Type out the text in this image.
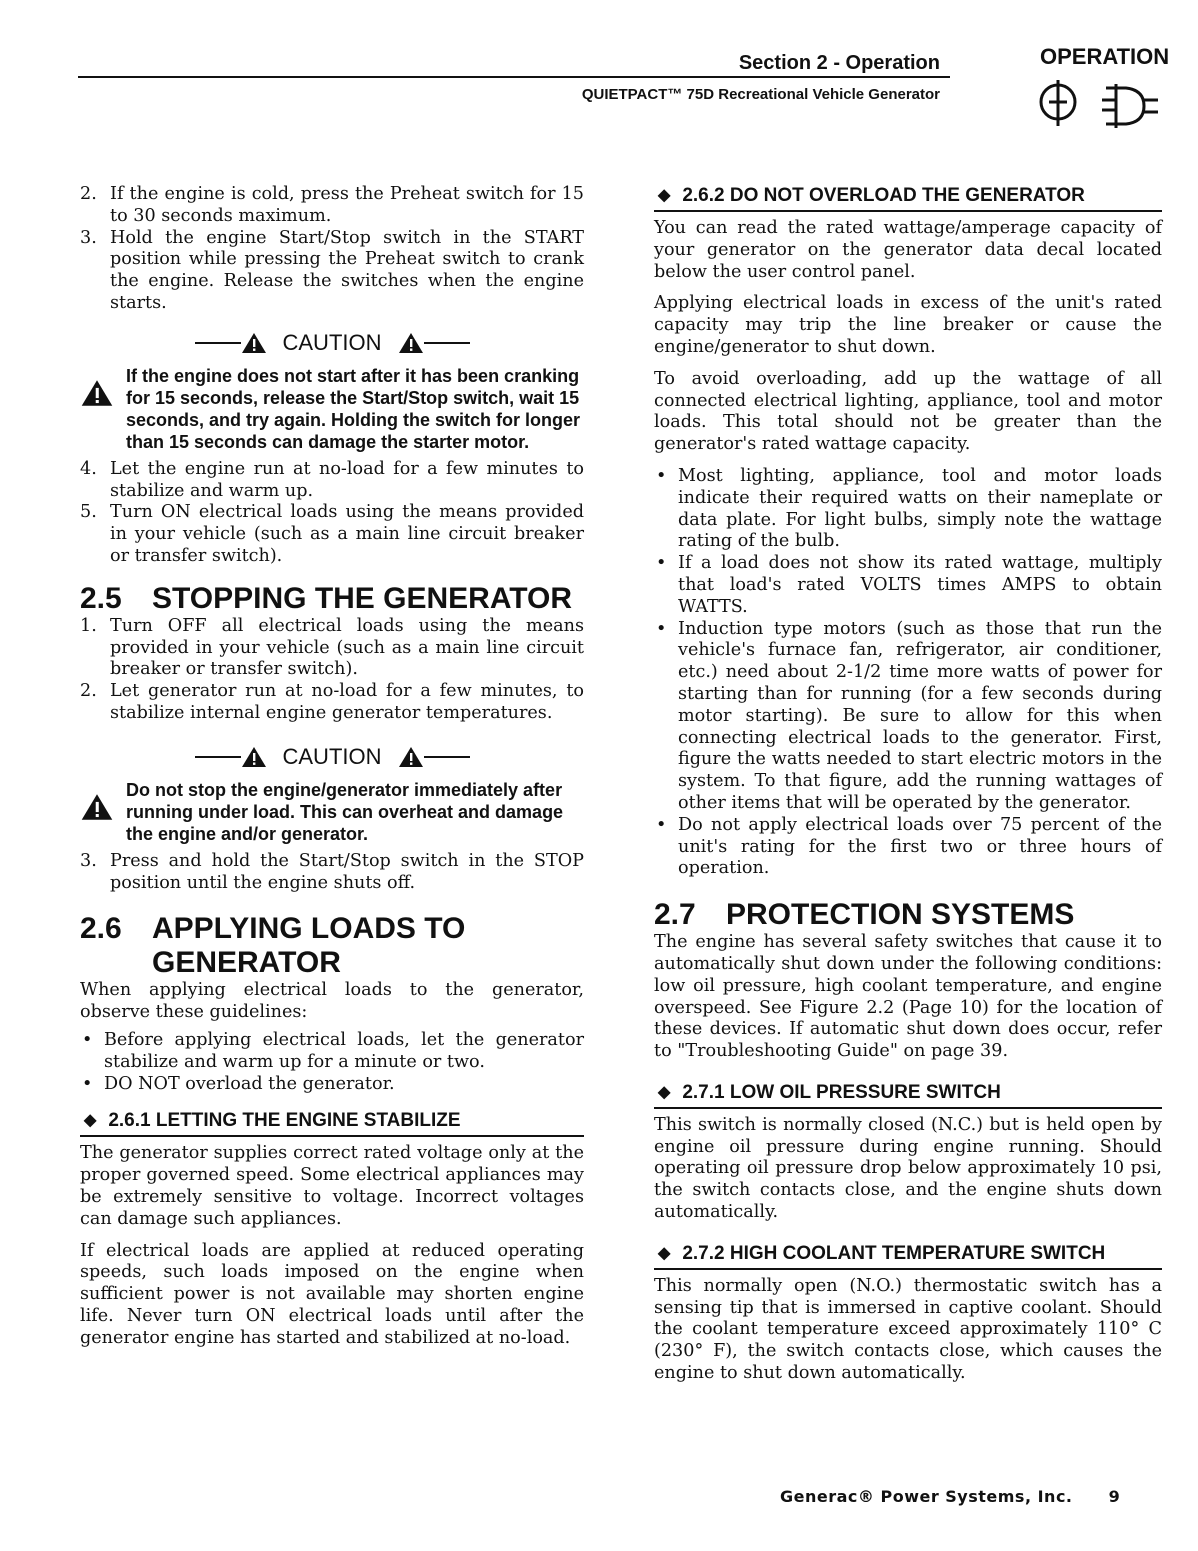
Section 2 - Operation
QUIETPACT™ 75D Recreational Vehicle Generator
OPERATION
2. If the engine is cold, press the Preheat switch for 15 to 30 seconds maximum.
3. Hold the engine Start/Stop switch in the START position while pressing the Preheat switch to crank the engine. Release the switches when the engine starts.
CAUTION
If the engine does not start after it has been cranking for 15 seconds, release the Start/Stop switch, wait 15 seconds, and try again. Holding the switch for longer than 15 seconds can damage the starter motor.
4. Let the engine run at no-load for a few minutes to stabilize and warm up.
5. Turn ON electrical loads using the means provided in your vehicle (such as a main line circuit breaker or transfer switch).
2.5	STOPPING THE GENERATOR
1. Turn OFF all electrical loads using the means provided in your vehicle (such as a main line circuit breaker or transfer switch).
2. Let generator run at no-load for a few minutes, to stabilize internal engine generator temperatures.
CAUTION
Do not stop the engine/generator immediately after running under load. This can overheat and damage the engine and/or generator.
3. Press and hold the Start/Stop switch in the STOP position until the engine shuts off.
2.6	APPLYING LOADS TO GENERATOR

When applying electrical loads to the generator, observe these guidelines:

• Before applying electrical loads, let the generator stabilize and warm up for a minute or two.
• DO NOT overload the generator.
◆ 2.6.1 LETTING THE ENGINE STABILIZE

The generator supplies correct rated voltage only at the proper governed speed. Some electrical appliances may be extremely sensitive to voltage. Incorrect voltages can damage such appliances.

If electrical loads are applied at reduced operating speeds, such loads imposed on the engine when sufficient power is not available may shorten engine life. Never turn ON electrical loads until after the generator engine has started and stabilized at no-load.

◆ 2.6.2 DO NOT OVERLOAD THE GENERATOR

You can read the rated wattage/amperage capacity of your generator on the generator data decal located below the user control panel.

Applying electrical loads in excess of the unit's rated capacity may trip the line breaker or cause the engine/generator to shut down.

To avoid overloading, add up the wattage of all connected electrical lighting, appliance, tool and motor loads. This total should not be greater than the generator's rated wattage capacity.

• Most lighting, appliance, tool and motor loads indicate their required watts on their nameplate or data plate. For light bulbs, simply note the wattage rating of the bulb.
• If a load does not show its rated wattage, multiply that load's rated VOLTS times AMPS to obtain WATTS.
• Induction type motors (such as those that run the vehicle's furnace fan, refrigerator, air conditioner, etc.) need about 2-1/2 time more watts of power for starting than for running (for a few seconds during motor starting). Be sure to allow for this when connecting electrical loads to the generator. First, figure the watts needed to start electric motors in the system. To that figure, add the running wattages of other items that will be operated by the generator.
• Do not apply electrical loads over 75 percent of the unit's rating for the first two or three hours of operation.
2.7	PROTECTION SYSTEMS

The engine has several safety switches that cause it to automatically shut down under the following conditions: low oil pressure, high coolant temperature, and engine overspeed. See Figure 2.2 (Page 10) for the location of these devices. If automatic shut down does occur, refer to "Troubleshooting Guide" on page 39.

◆ 2.7.1 LOW OIL PRESSURE SWITCH

This switch is normally closed (N.C.) but is held open by engine oil pressure during engine running. Should operating oil pressure drop below approximately 10 psi, the switch contacts close, and the engine shuts down automatically.

◆ 2.7.2 HIGH COOLANT TEMPERATURE SWITCH

This normally open (N.O.) thermostatic switch has a sensing tip that is immersed in captive coolant. Should the coolant temperature exceed approximately 110° C (230° F), the switch contacts close, which causes the engine to shut down automatically.

Generac® Power Systems, Inc. 9
